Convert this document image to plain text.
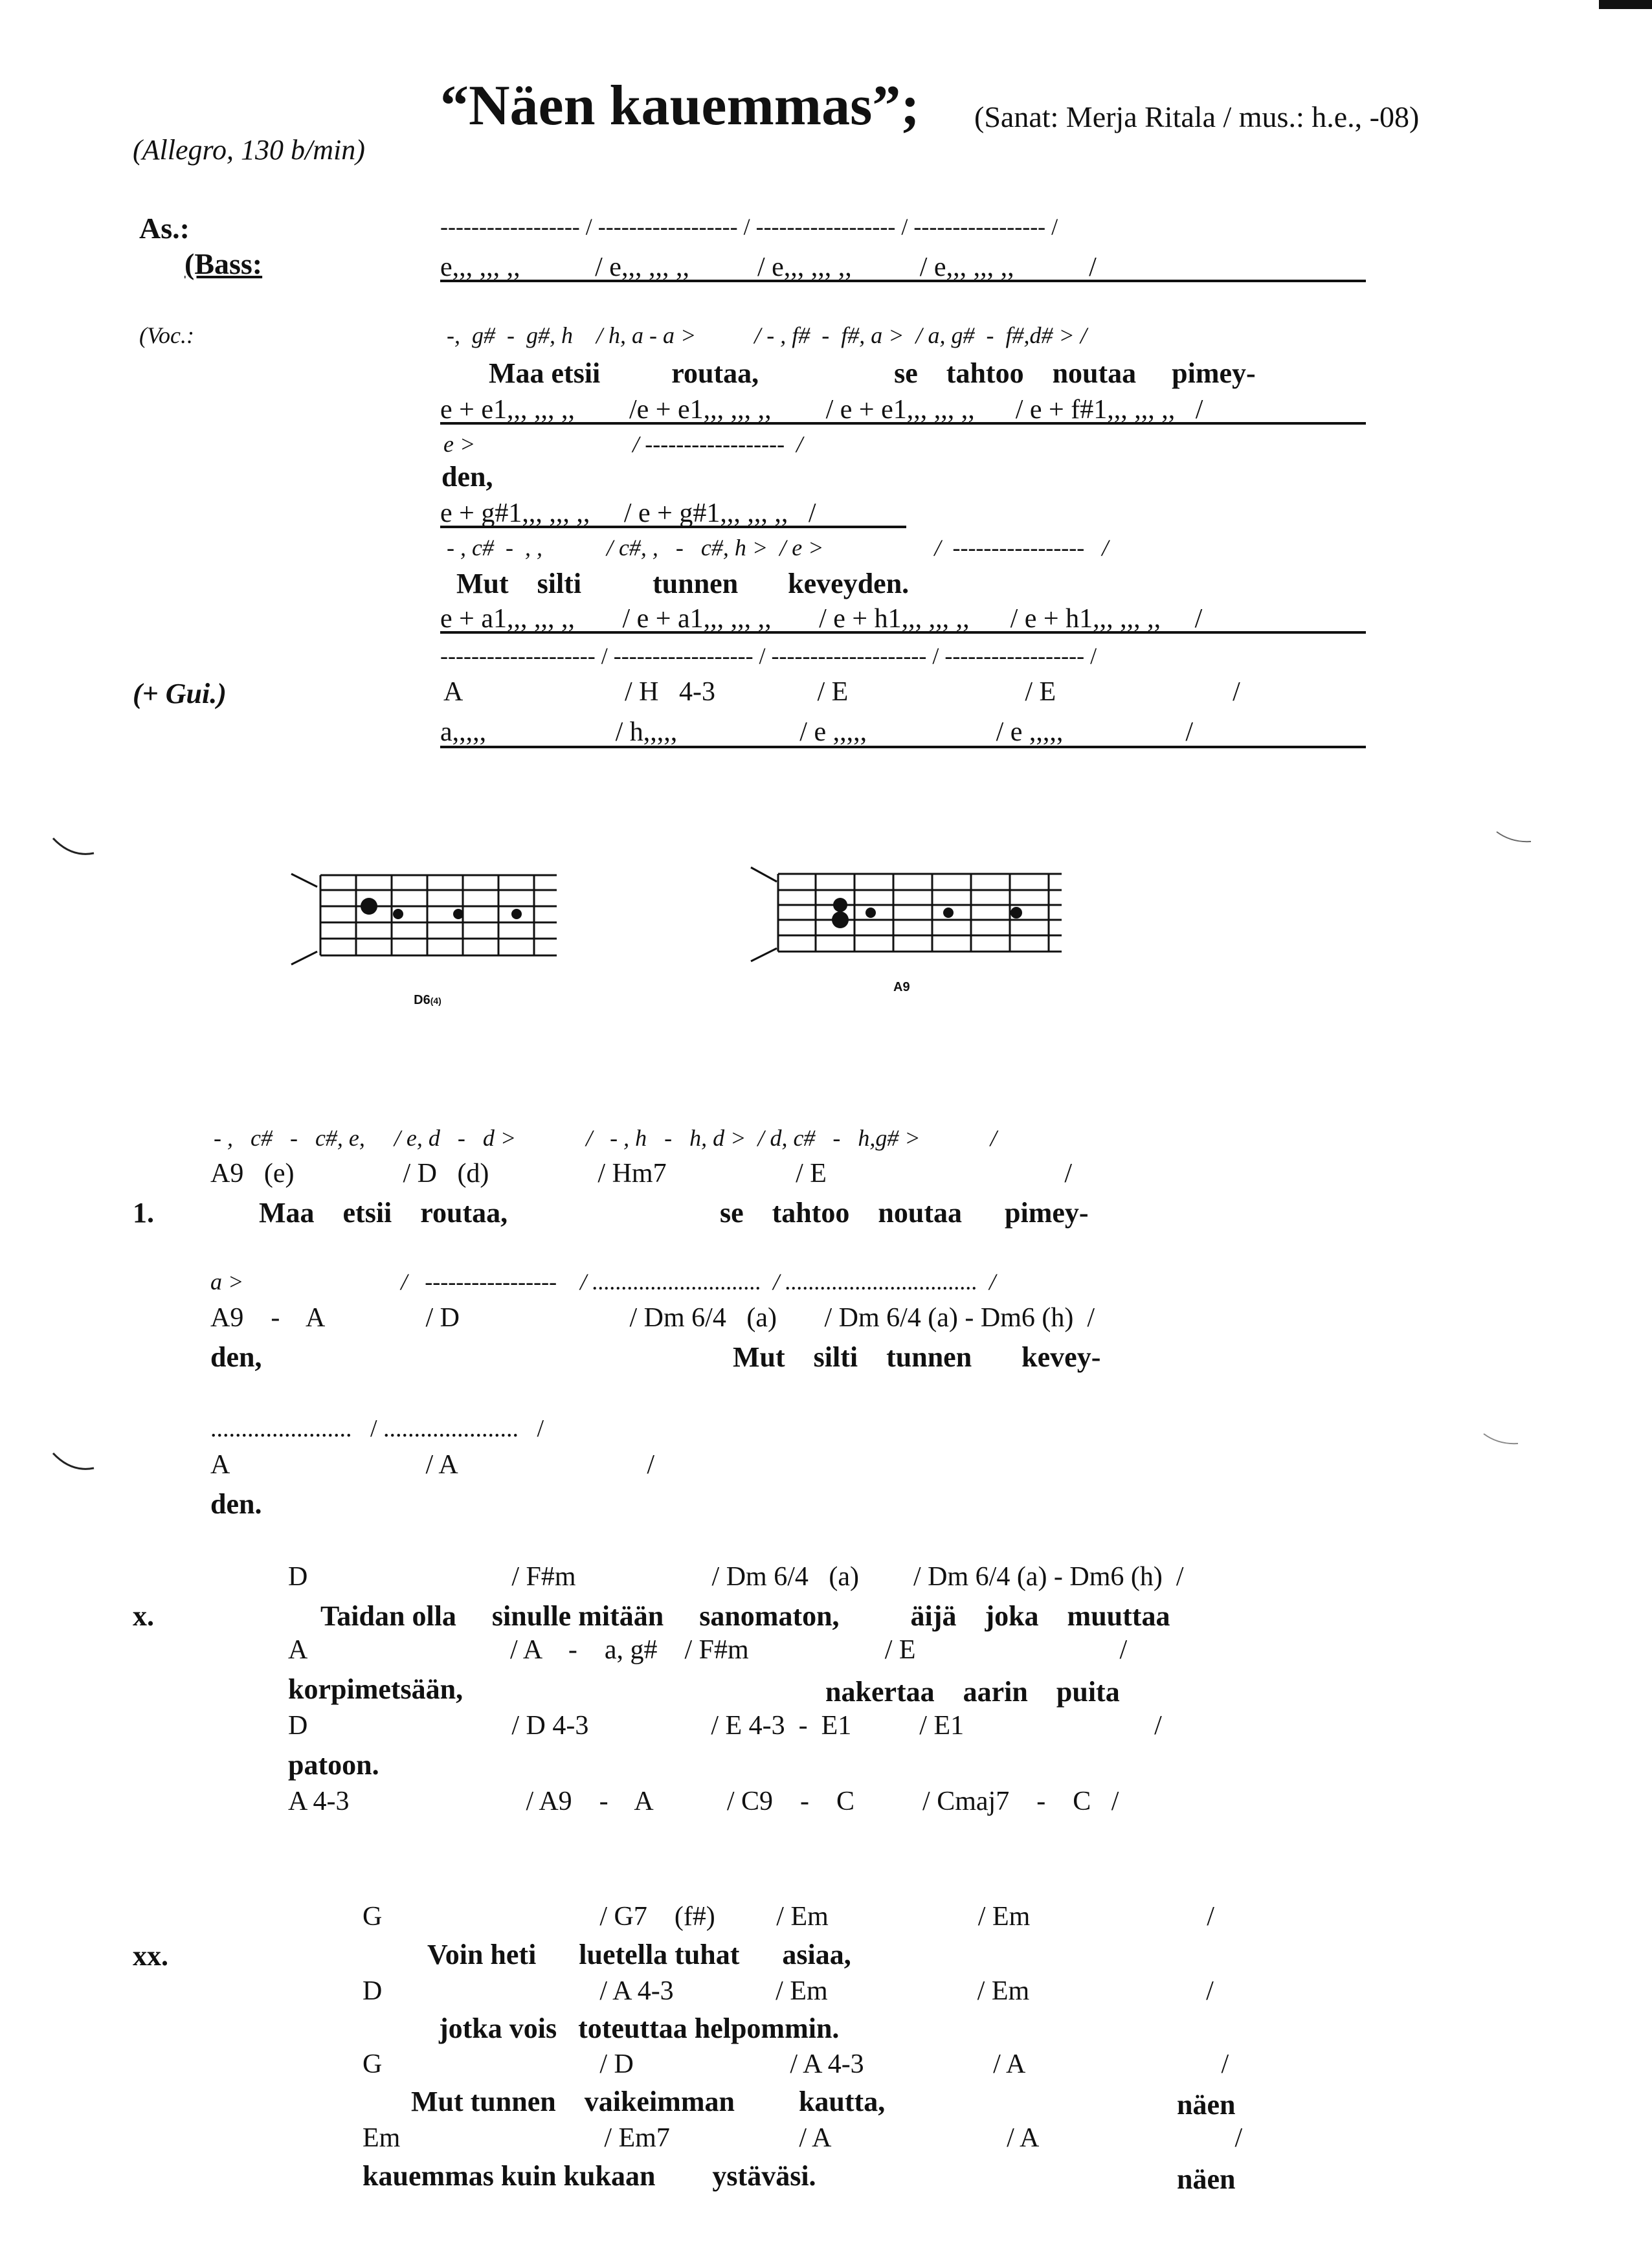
“Näen kauemmas”; (Sanat: Merja Ritala / mus.: h.e., -08)
(Allegro, 130 b/min)
As.:
(Bass:
(Voc.:
(+ Gui.)
------------------ / ------------------ / ------------------ / ----------------- /
e,,, ,,, ,,           / e,,, ,,, ,,          / e,,, ,,, ,,          / e,,, ,,, ,,           /
-,  g#  -  g#, h    / h, a - a >          / - , f#  -  f#, a >  / a, g#  -  f#,d# > /
Maa etsii          routaa,                   se    tahtoo    noutaa     pimey-
e + e1,,, ,,, ,,        /e + e1,,, ,,, ,,        / e + e1,,, ,,, ,,      / e + f#1,,, ,,, ,,   /
e >                           / ------------------  /
den,
e + g#1,,, ,,, ,,     / e + g#1,,, ,,, ,,   /
- , c#  -  , ,           / c#, ,   -   c#, h >  / e >                   /  -----------------   /
Mut    silti          tunnen       keveyden.
e + a1,,, ,,, ,,       / e + a1,,, ,,, ,,       / e + h1,,, ,,, ,,      / e + h1,,, ,,, ,,     /
-------------------- / ------------------ / -------------------- / ------------------ /
A                        / H   4-3               / E                          / E                          /
a,,,,,                   / h,,,,,                  / e ,,,,,                   / e ,,,,,                  /

D6(4)

A9
1.
- ,   c#   -   c#, e,     / e, d   -   d >            /   - , h   -   h, d >  / d, c#   -   h,g# >            /
A9   (e)                / D   (d)                / Hm7                   / E                                   /
Maa    etsii    routaa,	se    tahtoo    noutaa      pimey-
a >                           /   -----------------    / .............................  / .................................  /
A9    -    A               / D                         / Dm 6/4   (a)       / Dm 6/4 (a) - Dm6 (h)  /
den,	Mut    silti    tunnen       kevey-
.......................   / ......................   /
A                             / A                            /
den.
x.
D                              / F#m                    / Dm 6/4   (a)        / Dm 6/4 (a) - Dm6 (h)  /
Taidan olla     sinulle mitään     sanomaton,          äijä    joka    muuttaa
A                              / A    -    a, g#    / F#m                    / E                              /
korpimetsään,	nakertaa    aarin    puita
D                              / D 4-3                  / E 4-3  -  E1          / E1                            /
patoon.
A 4-3                          / A9    -    A           / C9    -    C          / Cmaj7    -    C   /
xx.
G                                / G7    (f#)         / Em                      / Em                          /
Voin heti      luetella tuhat      asiaa,
D                                / A 4-3               / Em                      / Em                          /
jotka vois   toteuttaa helpommin.
G                                / D                       / A 4-3                   / A                             /
Mut tunnen    vaikeimman         kautta,	näen
Em                              / Em7                   / A                          / A                             /
kauemmas kuin kukaan        ystäväsi.	näen
